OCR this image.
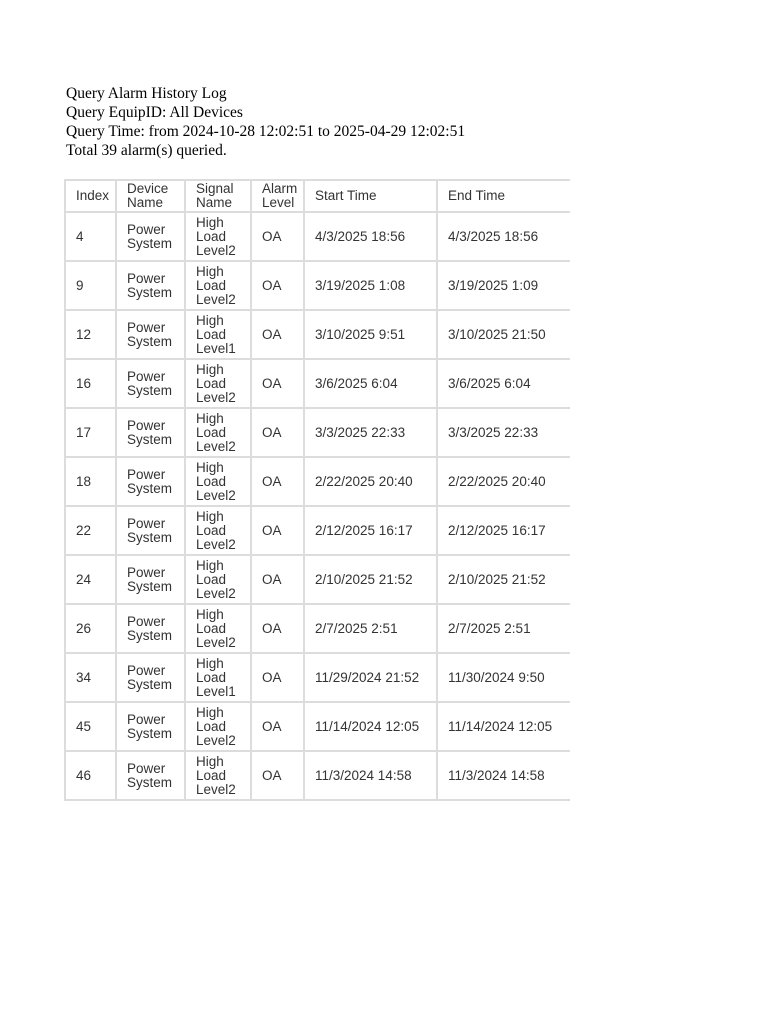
Query Alarm History Log
Query EquipID: All Devices
Query Time: from 2024-10-28 12:02:51 to 2025-04-29 12:02:51
Total 39 alarm(s) queried.
Index	Device Name	Signal Name	Alarm Level	Start Time	End Time
4	Power System	High Load Level2	OA	4/3/2025 18:56	4/3/2025 18:56
9	Power System	High Load Level2	OA	3/19/2025 1:08	3/19/2025 1:09
12	Power System	High Load Level1	OA	3/10/2025 9:51	3/10/2025 21:50
16	Power System	High Load Level2	OA	3/6/2025 6:04	3/6/2025 6:04
17	Power System	High Load Level2	OA	3/3/2025 22:33	3/3/2025 22:33
18	Power System	High Load Level2	OA	2/22/2025 20:40	2/22/2025 20:40
22	Power System	High Load Level2	OA	2/12/2025 16:17	2/12/2025 16:17
24	Power System	High Load Level2	OA	2/10/2025 21:52	2/10/2025 21:52
26	Power System	High Load Level2	OA	2/7/2025 2:51	2/7/2025 2:51
34	Power System	High Load Level1	OA	11/29/2024 21:52	11/30/2024 9:50
45	Power System	High Load Level2	OA	11/14/2024 12:05	11/14/2024 12:05
46	Power System	High Load Level2	OA	11/3/2024 14:58	11/3/2024 14:58
